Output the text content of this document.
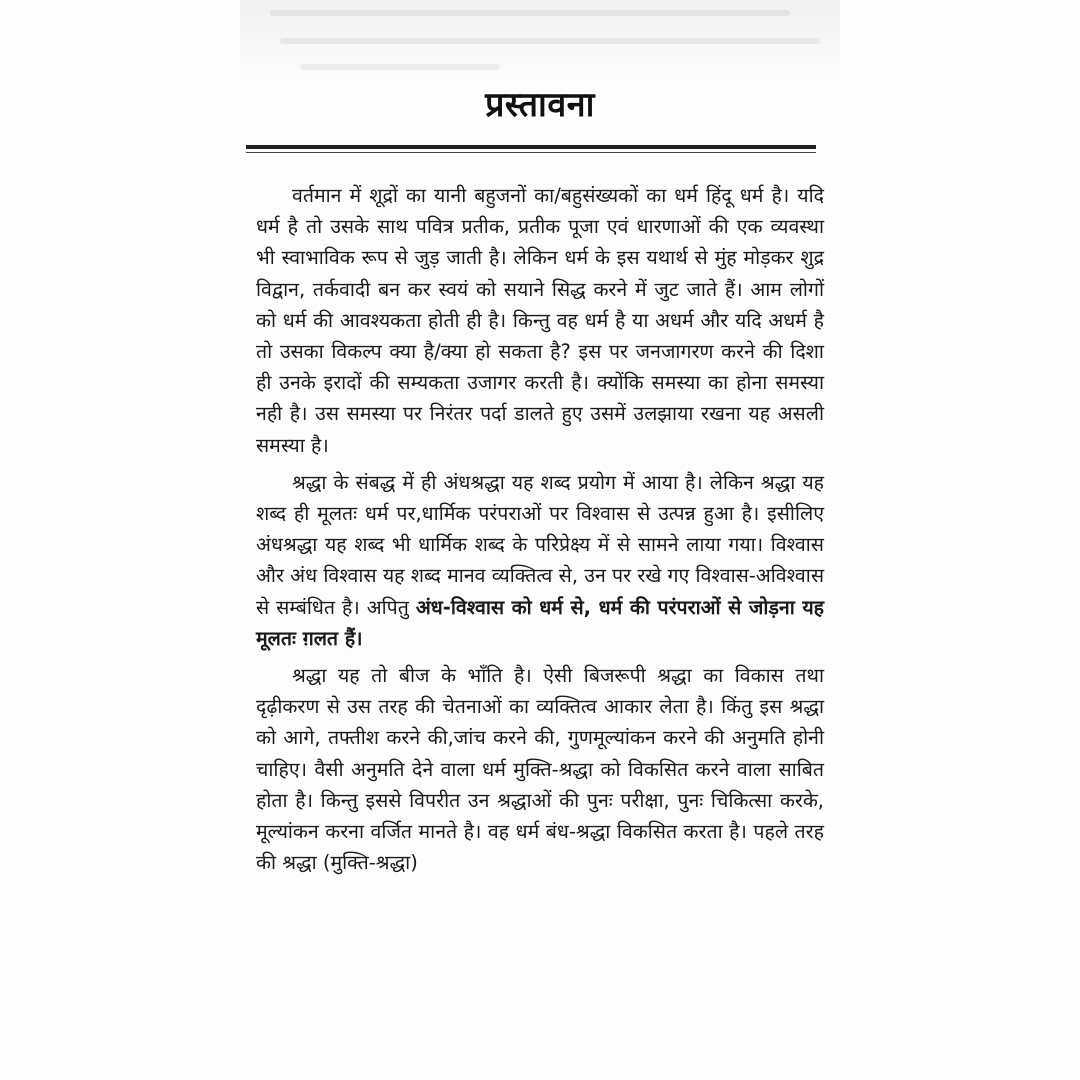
प्रस्तावना

वर्तमान में शूद्रों का यानी बहुजनों का/बहुसंख्यकों का धर्म हिंदू धर्म है। यदि धर्म है तो उसके साथ पवित्र प्रतीक, प्रतीक पूजा एवं धारणाओं की एक व्यवस्था भी स्वाभाविक रूप से जुड़ जाती है। लेकिन धर्म के इस यथार्थ से मुंह मोड़कर शुद्र विद्वान, तर्कवादी बन कर स्वयं को सयाने सिद्ध करने में जुट जाते हैं। आम लोगों को धर्म की आवश्यकता होती ही है। किन्तु वह धर्म है या अधर्म और यदि अधर्म है तो उसका विकल्प क्या है/क्या हो सकता है? इस पर जनजागरण करने की दिशा ही उनके इरादों की सम्यकता उजागर करती है। क्योंकि समस्या का होना समस्या नही है। उस समस्या पर निरंतर पर्दा डालते हुए उसमें उलझाया रखना यह असली समस्या है।

श्रद्धा के संबद्ध में ही अंधश्रद्धा यह शब्द प्रयोग में आया है। लेकिन श्रद्धा यह शब्द ही मूलतः धर्म पर,धार्मिक परंपराओं पर विश्वास से उत्पन्न हुआ है। इसीलिए अंधश्रद्धा यह शब्द भी धार्मिक शब्द के परिप्रेक्ष्य में से सामने लाया गया। विश्वास और अंध विश्वास यह शब्द मानव व्यक्तित्व से, उन पर रखे गए विश्वास-अविश्वास से सम्बंधित है। अपितु अंध-विश्वास को धर्म से, धर्म की परंपराओं से जोड़ना यह मूलतः ग़लत हैं।

श्रद्धा यह तो बीज के भाँति है। ऐसी बिजरूपी श्रद्धा का विकास तथा दृढ़ीकरण से उस तरह की चेतनाओं का व्यक्तित्व आकार लेता है। किंतु इस श्रद्धा को आगे, तफ्तीश करने की,जांच करने की, गुणमूल्यांकन करने की अनुमति होनी चाहिए। वैसी अनुमति देने वाला धर्म मुक्ति-श्रद्धा को विकसित करने वाला साबित होता है। किन्तु इससे विपरीत उन श्रद्धाओं की पुनः परीक्षा, पुनः चिकित्सा करके, मूल्यांकन करना वर्जित मानते है। वह धर्म बंध-श्रद्धा विकसित करता है। पहले तरह की श्रद्धा (मुक्ति-श्रद्धा)
